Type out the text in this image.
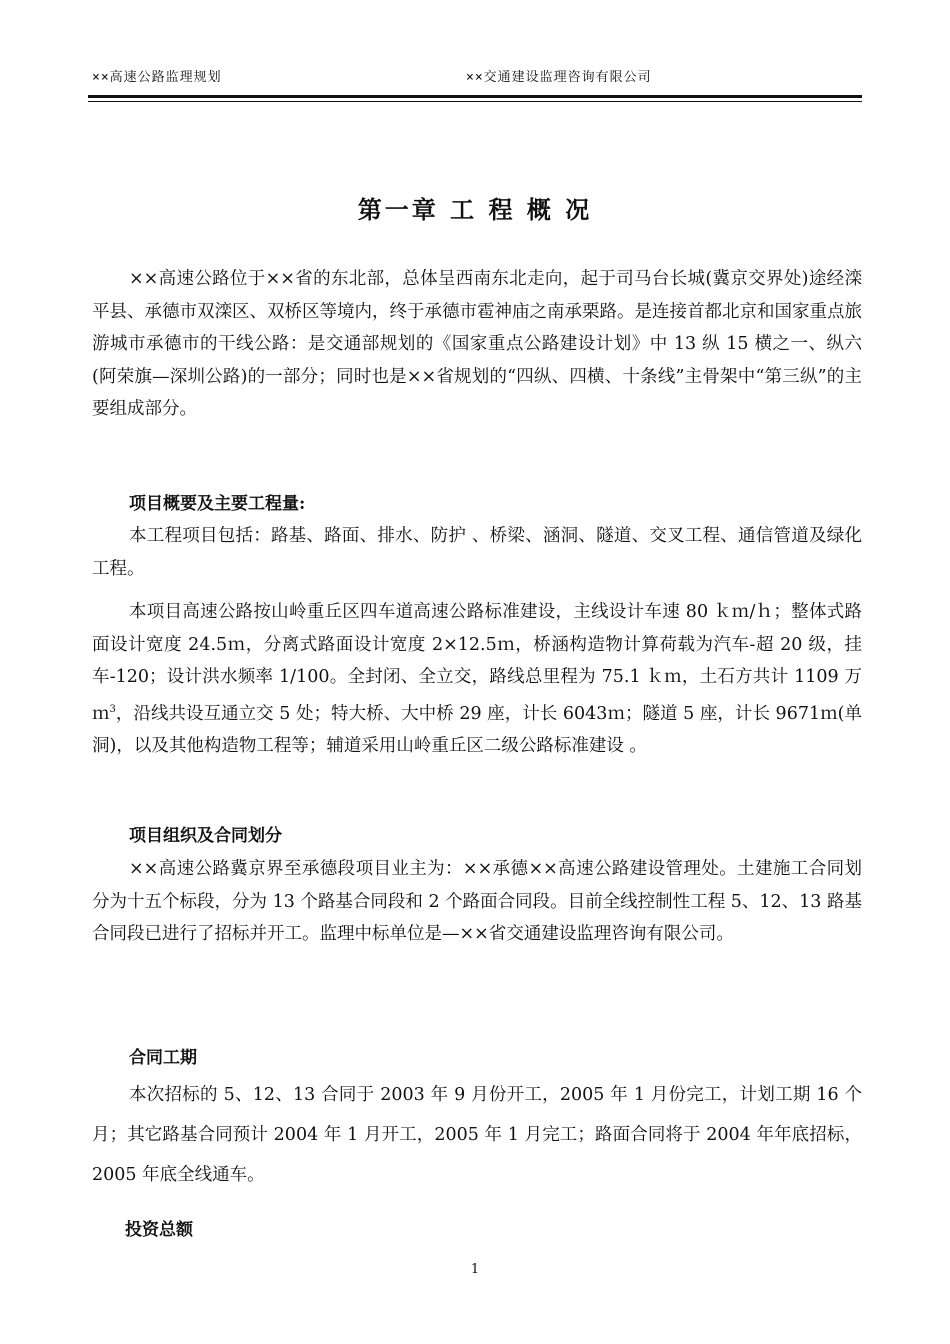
××高速公路监理规划	××交通建设监理咨询有限公司
第一章 工 程 概 况

××高速公路位于××省的东北部，总体呈西南东北走向，起于司马台长城(冀京交界处)途经滦平县、承德市双滦区、双桥区等境内，终于承德市雹神庙之南承栗路。是连接首都北京和国家重点旅游城市承德市的干线公路：是交通部规划的《国家重点公路建设计划》中 13 纵 15 横之一、纵六(阿荣旗—深圳公路)的一部分；同时也是××省规划的“四纵、四横、十条线”主骨架中“第三纵”的主要组成部分。

项目概要及主要工程量:

本工程项目包括：路基、路面、排水、防护 、桥梁、涵洞、隧道、交叉工程、通信管道及绿化工程。

本项目高速公路按山岭重丘区四车道高速公路标准建设，主线设计车速 80 ｋｍ/ｈ；整体式路面设计宽度 24.5ｍ，分离式路面设计宽度 2×12.5ｍ，桥涵构造物计算荷载为汽车-超 20 级，挂车-120；设计洪水频率 1/100。全封闭、全立交，路线总里程为 75.1 ｋｍ，土石方共计 1109 万ｍ$^3$，沿线共设互通立交 5 处；特大桥、大中桥 29 座，计长 6043ｍ；隧道 5 座，计长 9671ｍ(单洞)，以及其他构造物工程等；辅道采用山岭重丘区二级公路标准建设 。

项目组织及合同划分

××高速公路冀京界至承德段项目业主为：××承德××高速公路建设管理处。土建施工合同划分为十五个标段，分为 13 个路基合同段和 2 个路面合同段。目前全线控制性工程 5、12、13 路基合同段已进行了招标并开工。监理中标单位是—××省交通建设监理咨询有限公司。

合同工期

本次招标的 5、12、13 合同于 2003 年 9 月份开工，2005 年 1 月份完工，计划工期 16 个月；其它路基合同预计 2004 年 1 月开工，2005 年 1 月完工；路面合同将于 2004 年年底招标，2005 年底全线通车。

投资总额
1
